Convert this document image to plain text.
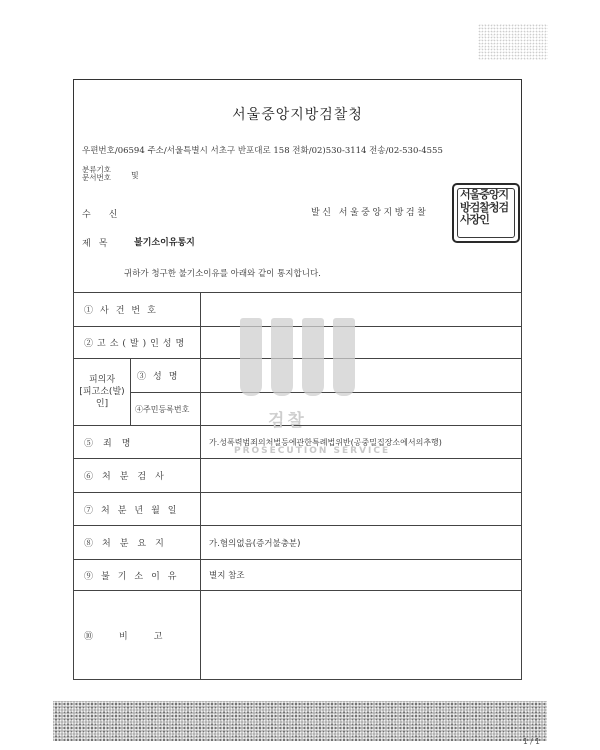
서울중앙지방검찰청
우편번호/06594 주소/서울특별시 서초구 반포대로 158 전화/02)530-3114 전송/02-530-4555
분류기호
문서번호	및
수신	발신 서울중앙지방검찰
서울중앙지방검찰청검사장인
제목 불기소이유통지
귀하가 청구한 불기소이유를 아래와 같이 통지합니다.
①사건번호		
②고소(발)인성명		

피의자
[피고소(발)인]	③성명	
	④주민등록번호	
⑤죄명		가.성폭력범죄의처벌등에관한특례법위반(공중밀집장소에서의추행)
⑥처분검사		
⑦처분년월일		
⑧처분요지		가.혐의없음(증거불충분)
⑨불기소이유		별지 참조
⑩비고		
검찰
PROSECUTION SERVICE
1 / 1
